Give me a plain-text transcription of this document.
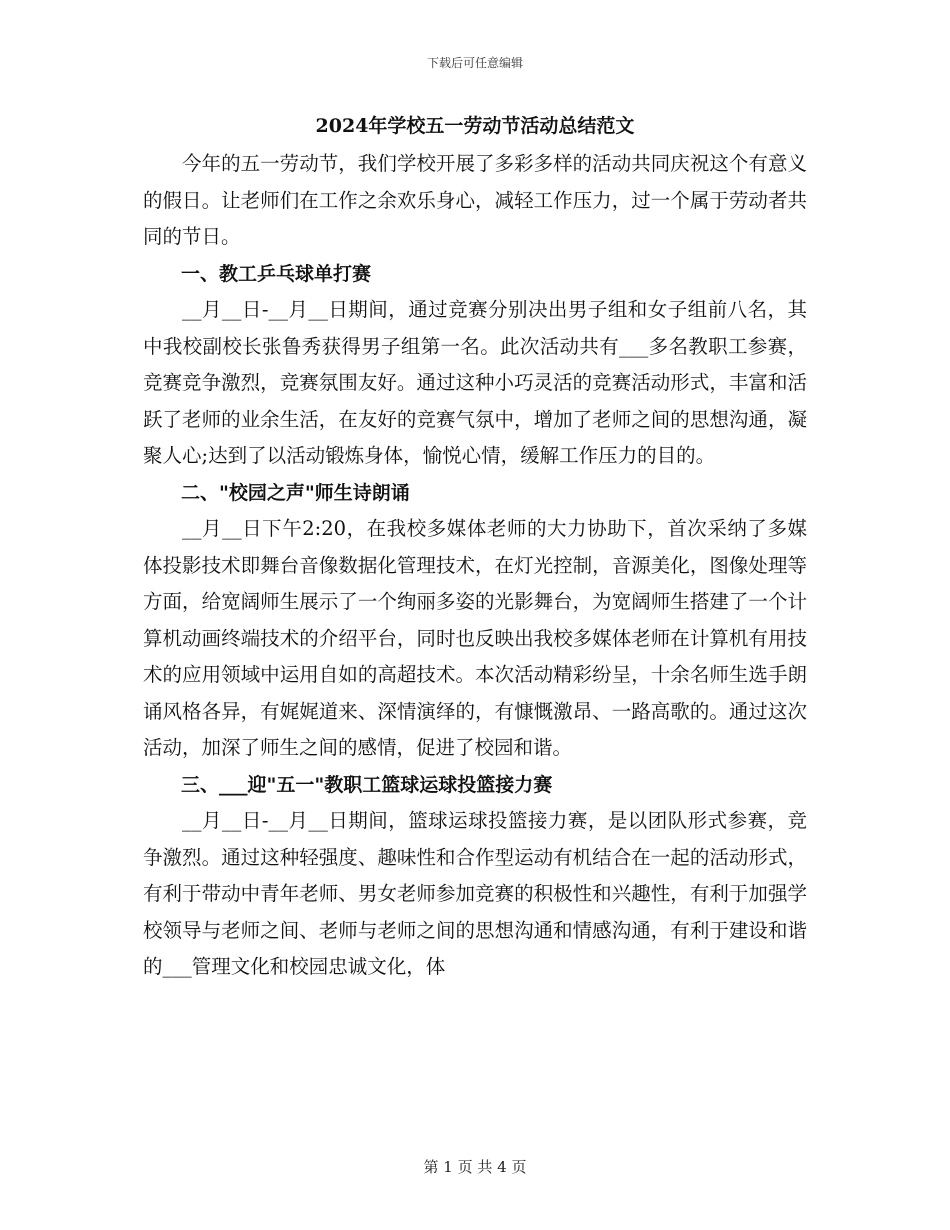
下载后可任意编辑
2024年学校五一劳动节活动总结范文

今年的五一劳动节，我们学校开展了多彩多样的活动共同庆祝这个有意义的假日。让老师们在工作之余欢乐身心，减轻工作压力，过一个属于劳动者共同的节日。

一、教工乒乓球单打赛

__月__日-__月__日期间，通过竞赛分别决出男子组和女子组前八名，其中我校副校长张鲁秀获得男子组第一名。此次活动共有___多名教职工参赛，竞赛竞争激烈，竞赛氛围友好。通过这种小巧灵活的竞赛活动形式，丰富和活跃了老师的业余生活，在友好的竞赛气氛中，增加了老师之间的思想沟通，凝聚人心;达到了以活动锻炼身体，愉悦心情，缓解工作压力的目的。

二、"校园之声"师生诗朗诵

__月__日下午2:20，在我校多媒体老师的大力协助下，首次采纳了多媒体投影技术即舞台音像数据化管理技术，在灯光控制，音源美化，图像处理等方面，给宽阔师生展示了一个绚丽多姿的光影舞台，为宽阔师生搭建了一个计算机动画终端技术的介绍平台，同时也反映出我校多媒体老师在计算机有用技术的应用领域中运用自如的高超技术。本次活动精彩纷呈，十余名师生选手朗诵风格各异，有娓娓道来、深情演绎的，有慷慨激昂、一路高歌的。通过这次活动，加深了师生之间的感情，促进了校园和谐。

三、___迎"五一"教职工篮球运球投篮接力赛

__月__日-__月__日期间，篮球运球投篮接力赛，是以团队形式参赛，竞争激烈。通过这种轻强度、趣味性和合作型运动有机结合在一起的活动形式，有利于带动中青年老师、男女老师参加竞赛的积极性和兴趣性，有利于加强学校领导与老师之间、老师与老师之间的思想沟通和情感沟通，有利于建设和谐的___管理文化和校园忠诚文化，体

第 1 页 共 4 页
